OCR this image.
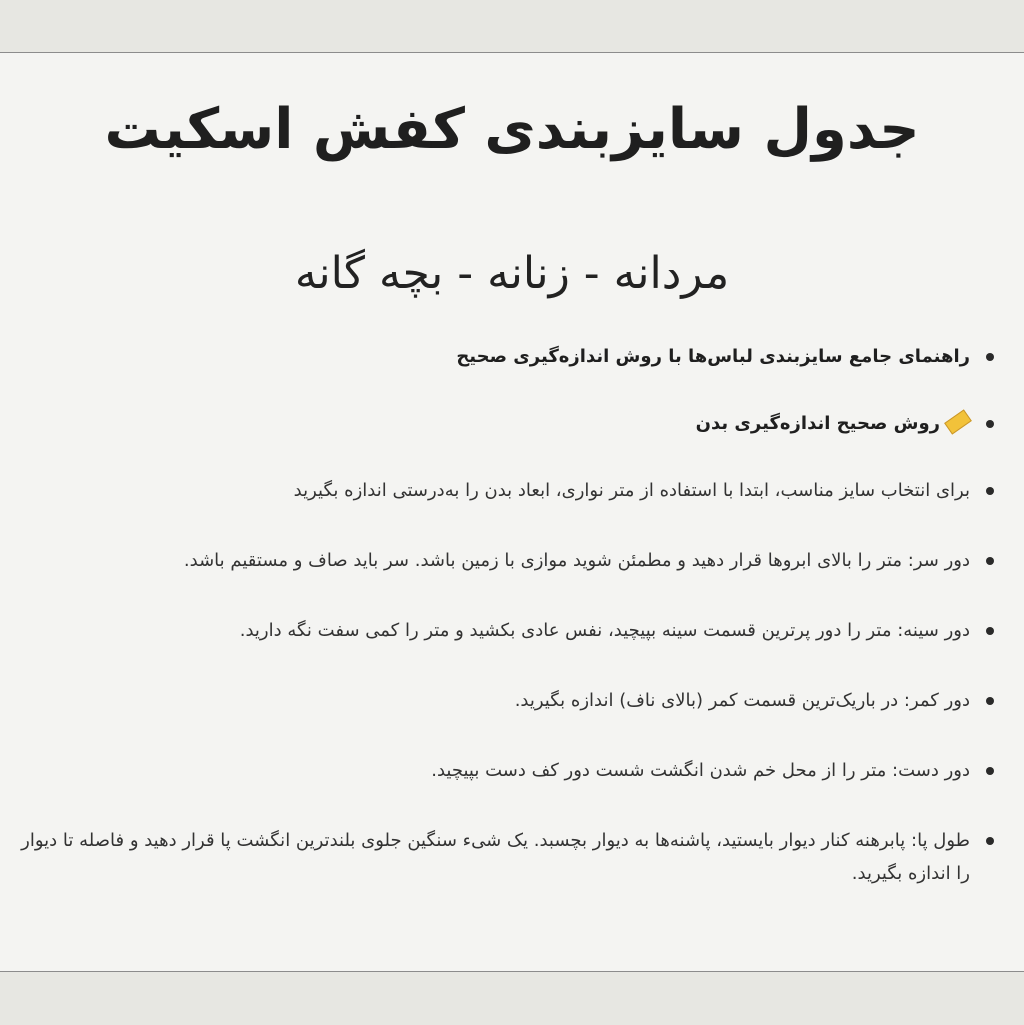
جدول سایزبندی کفش اسکیت
مردانه - زنانه - بچه گانه
راهنمای جامع سایزبندی لباس‌ها با روش اندازه‌گیری صحیح
روش صحیح اندازه‌گیری بدن
برای انتخاب سایز مناسب، ابتدا با استفاده از متر نواری، ابعاد بدن را به‌درستی اندازه بگیرید
دور سر: متر را بالای ابروها قرار دهید و مطمئن شوید موازی با زمین باشد. سر باید صاف و مستقیم باشد.
دور سینه: متر را دور پرترین قسمت سینه بپیچید، نفس عادی بکشید و متر را کمی سفت نگه دارید.
دور کمر: در باریک‌ترین قسمت کمر (بالای ناف) اندازه بگیرید.
دور دست: متر را از محل خم شدن انگشت شست دور کف دست بپیچید.
طول پا: پابرهنه کنار دیوار بایستید، پاشنه‌ها به دیوار بچسبد. یک شیء سنگین جلوی بلندترین انگشت پا قرار دهید و فاصله تا دیوار را اندازه بگیرید.
